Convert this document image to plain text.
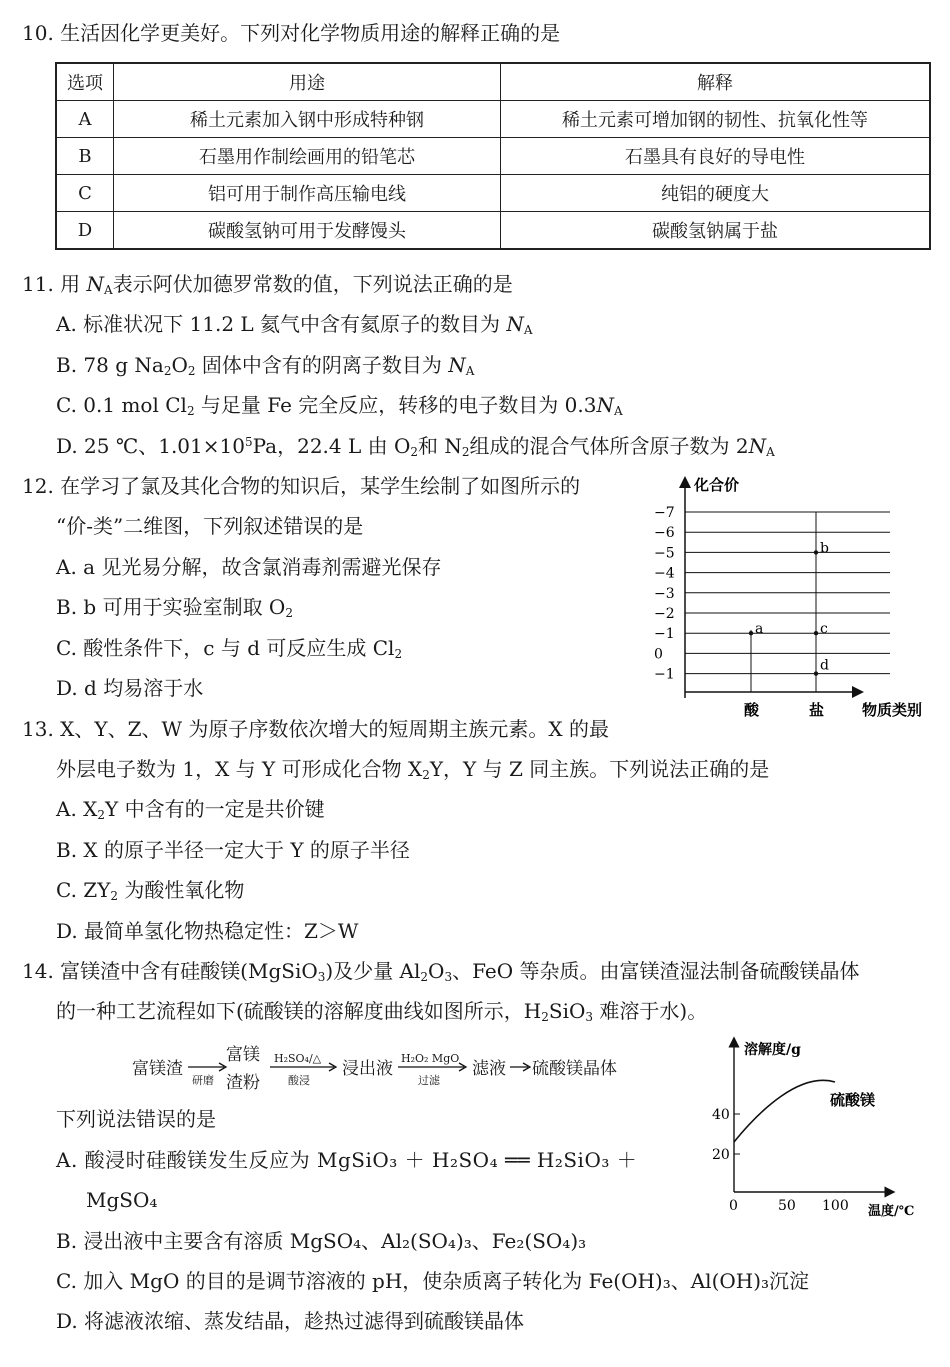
10. 生活因化学更美好。下列对化学物质用途的解释正确的是
选项	用途	解释
A	稀土元素加入钢中形成特种钢	稀土元素可增加钢的韧性、抗氧化性等
B	石墨用作制绘画用的铅笔芯	石墨具有良好的导电性
C	铝可用于制作高压输电线	纯铝的硬度大
D	碳酸氢钠可用于发酵馒头	碳酸氢钠属于盐
11. 用 $N_A$表示阿伏加德罗常数的值，下列说法正确的是
A. 标准状况下 11.2 L 氦气中含有氦原子的数目为 $N_A$
B. 78 g $Na_2O_2$ 固体中含有的阴离子数目为 $N_A$
C. 0.1 mol $Cl_2$ 与足量 Fe 完全反应，转移的电子数目为 $0.3N_A$
D. 25 ℃、$1.01\times 10^5Pa$，22.4 L 由 $O_2$和 $N_2$组成的混合气体所含原子数为 $2N_A$
12. 在学习了氯及其化合物的知识后，某学生绘制了如图所示的
“价-类”二维图，下列叙述错误的是
A. a 见光易分解，故含氯消毒剂需避光保存
B. b 可用于实验室制取 $O_2$
C. 酸性条件下，c 与 d 可反应生成 $Cl_2$
D. d 均易溶于水
化合价
物质类别
−7
−6
−5
−4
−3
−2
−1
0
−1
酸	盐
a
b
c
d
13. X、Y、Z、W 为原子序数依次增大的短周期主族元素。X 的最
外层电子数为 1，X 与 Y 可形成化合物 $X_2Y$，Y 与 Z 同主族。下列说法正确的是
A. $X_2Y$ 中含有的一定是共价键
B. X 的原子半径一定大于 Y 的原子半径
C. $ZY_2$ 为酸性氧化物
D. 最简单氢化物热稳定性：Z＞W
14. 富镁渣中含有硅酸镁(MgSiO$_3$)及少量 $Al_2O_3$、FeO 等杂质。由富镁渣湿法制备硫酸镁晶体
的一种工艺流程如下(硫酸镁的溶解度曲线如图所示，$H_2SiO_3$ 难溶于水)。
富镁渣
研磨
富镁
渣粉
H₂SO₄/△
酸浸
浸出液
H₂O₂ MgO
过滤
滤液 硫酸镁晶体
下列说法错误的是
A. 酸浸时硅酸镁发生反应为 MgSiO₃ ＋ H₂SO₄ ══ H₂SiO₃ ＋
MgSO₄
B. 浸出液中主要含有溶质 MgSO₄、Al₂(SO₄)₃、Fe₂(SO₄)₃
C. 加入 MgO 的目的是调节溶液的 pH，使杂质离子转化为 Fe(OH)₃、Al(OH)₃沉淀
D. 将滤液浓缩、蒸发结晶，趁热过滤得到硫酸镁晶体
溶解度/g
温度/℃
40
20
0	50 100
硫酸镁
